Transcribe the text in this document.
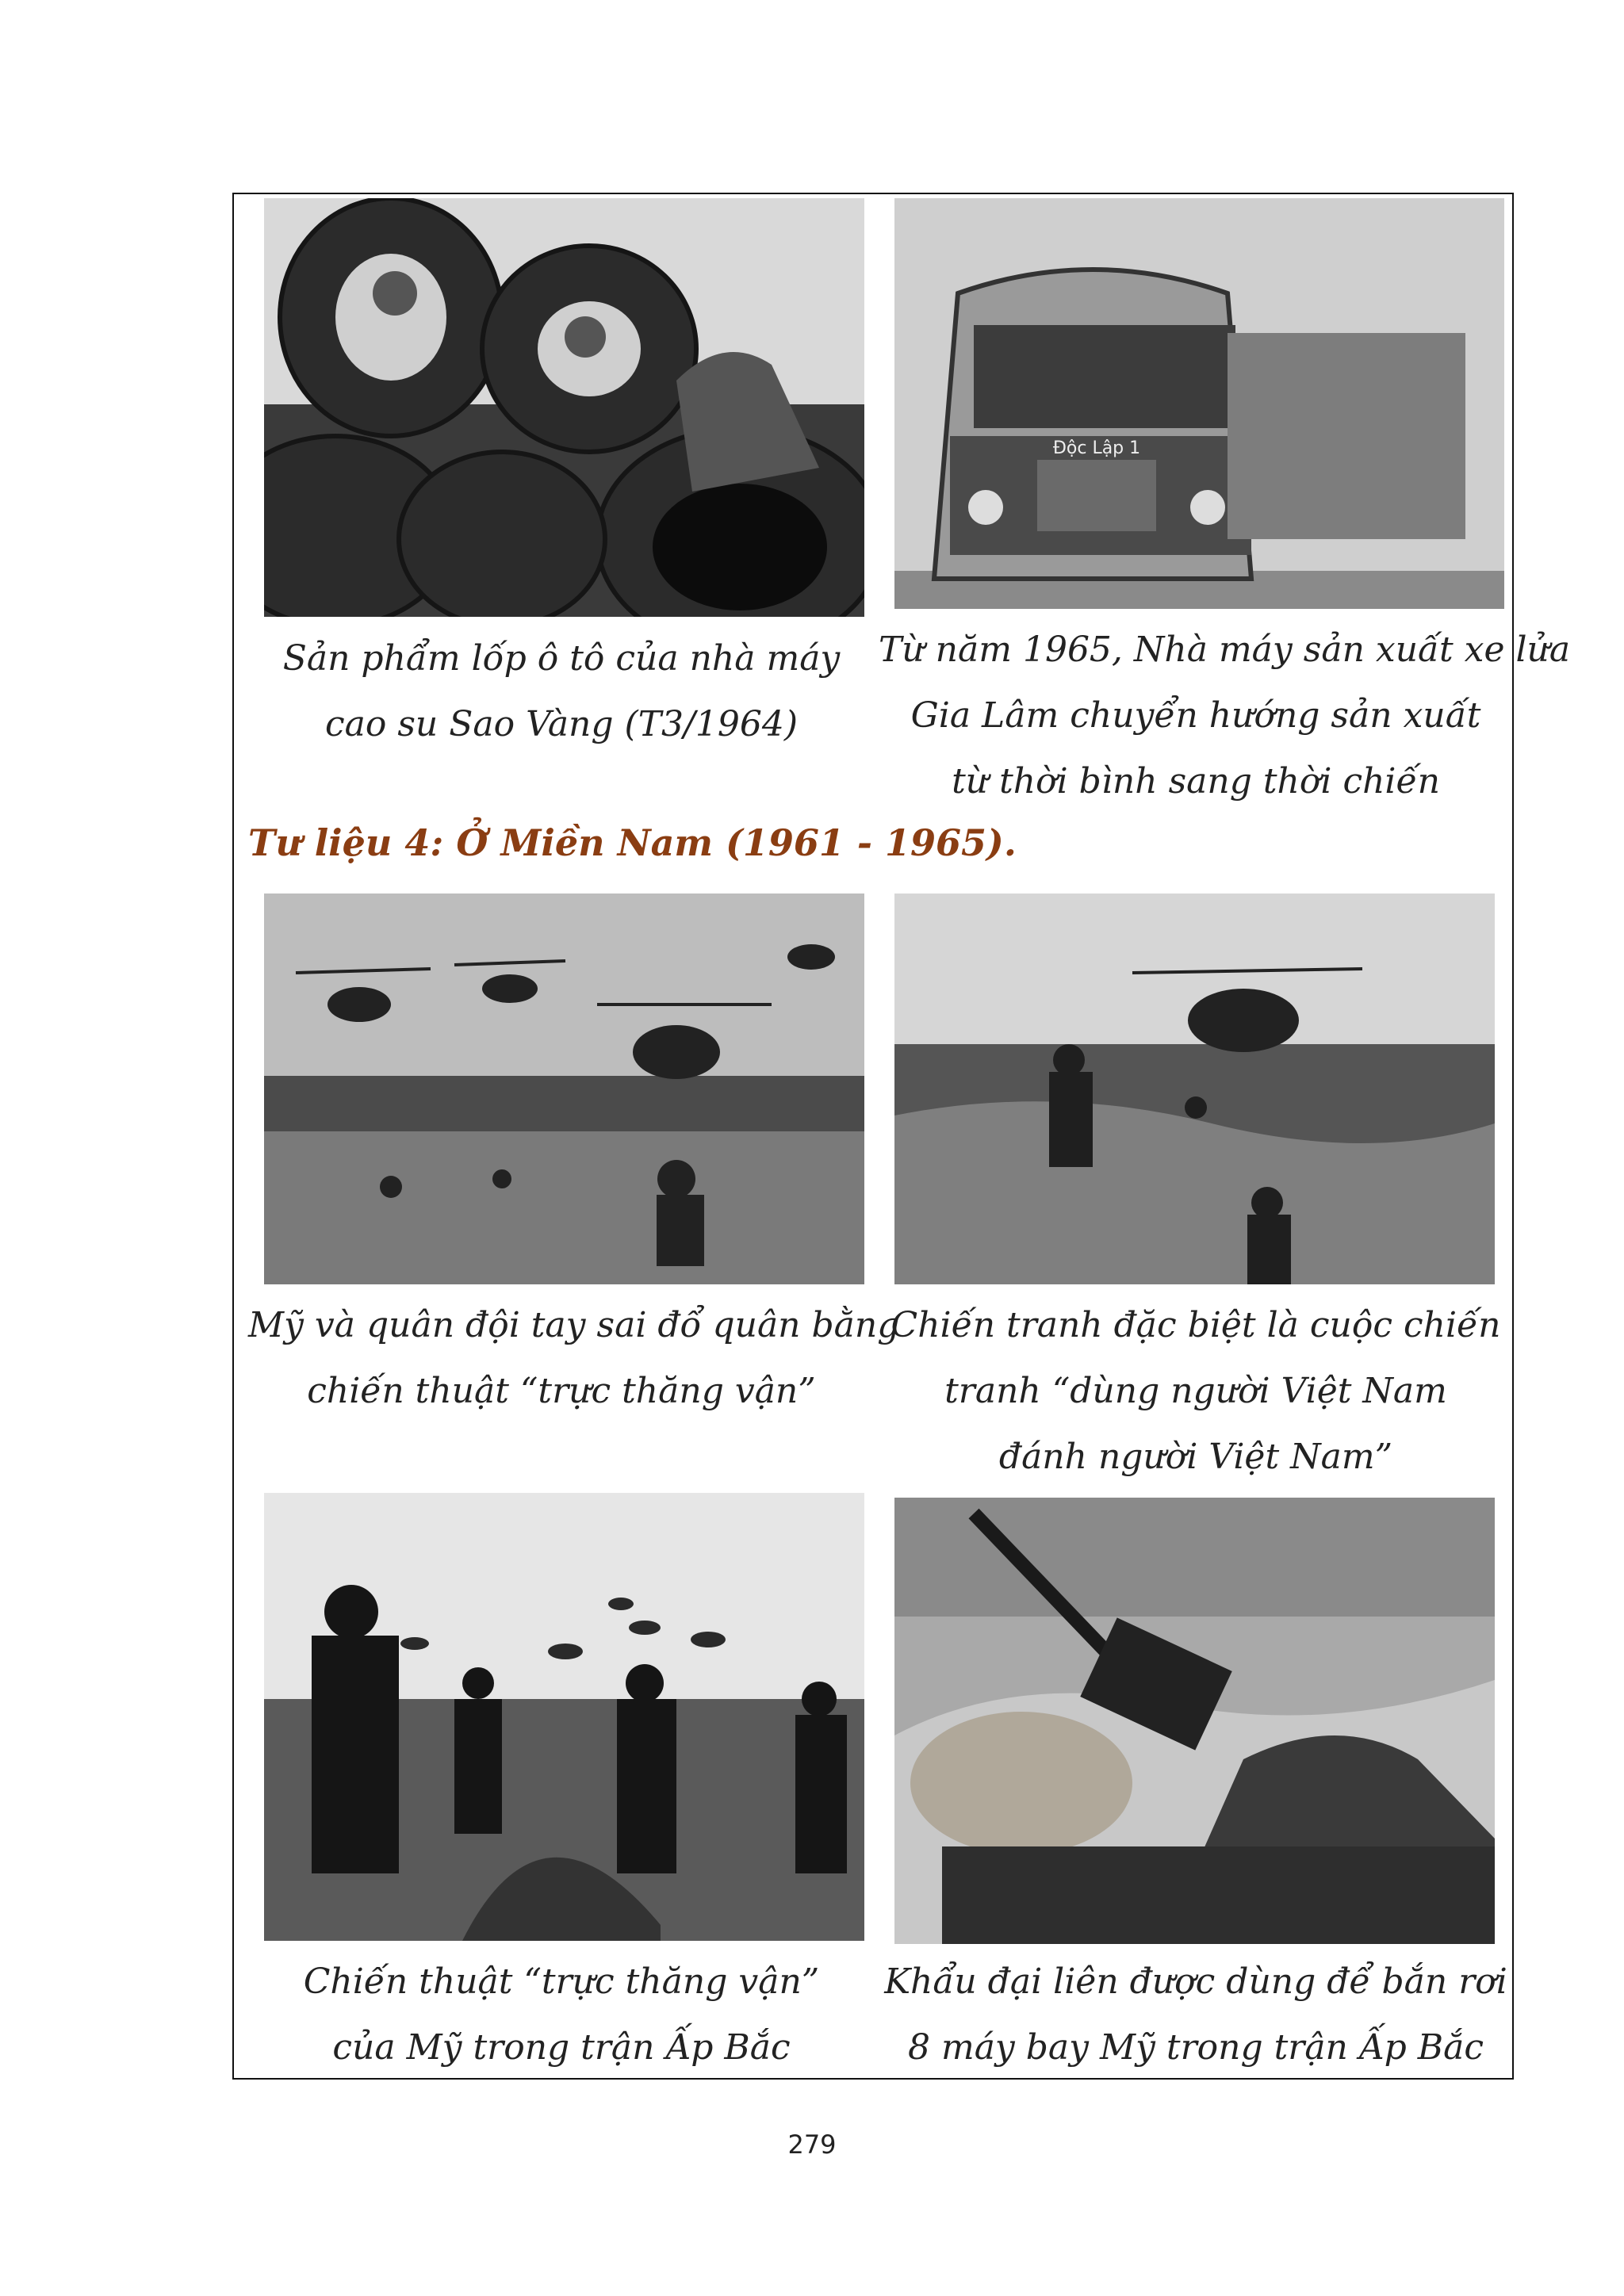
Độc Lập 1
Sản phẩm lốp ô tô của nhà máy
cao su Sao Vàng (T3/1964)
Từ năm 1965, Nhà máy sản xuất xe lửa
Gia Lâm chuyển hướng sản xuất
từ thời bình sang thời chiến
Tư liệu 4: Ở Miền Nam (1961 - 1965).
Mỹ và quân đội tay sai đổ quân bằng
chiến thuật “trực thăng vận”
Chiến tranh đặc biệt là cuộc chiến
tranh “dùng người Việt Nam
đánh người Việt Nam”
Chiến thuật “trực thăng vận”
của Mỹ trong trận Ấp Bắc
Khẩu đại liên được dùng để bắn rơi
8 máy bay Mỹ trong trận Ấp Bắc
279
